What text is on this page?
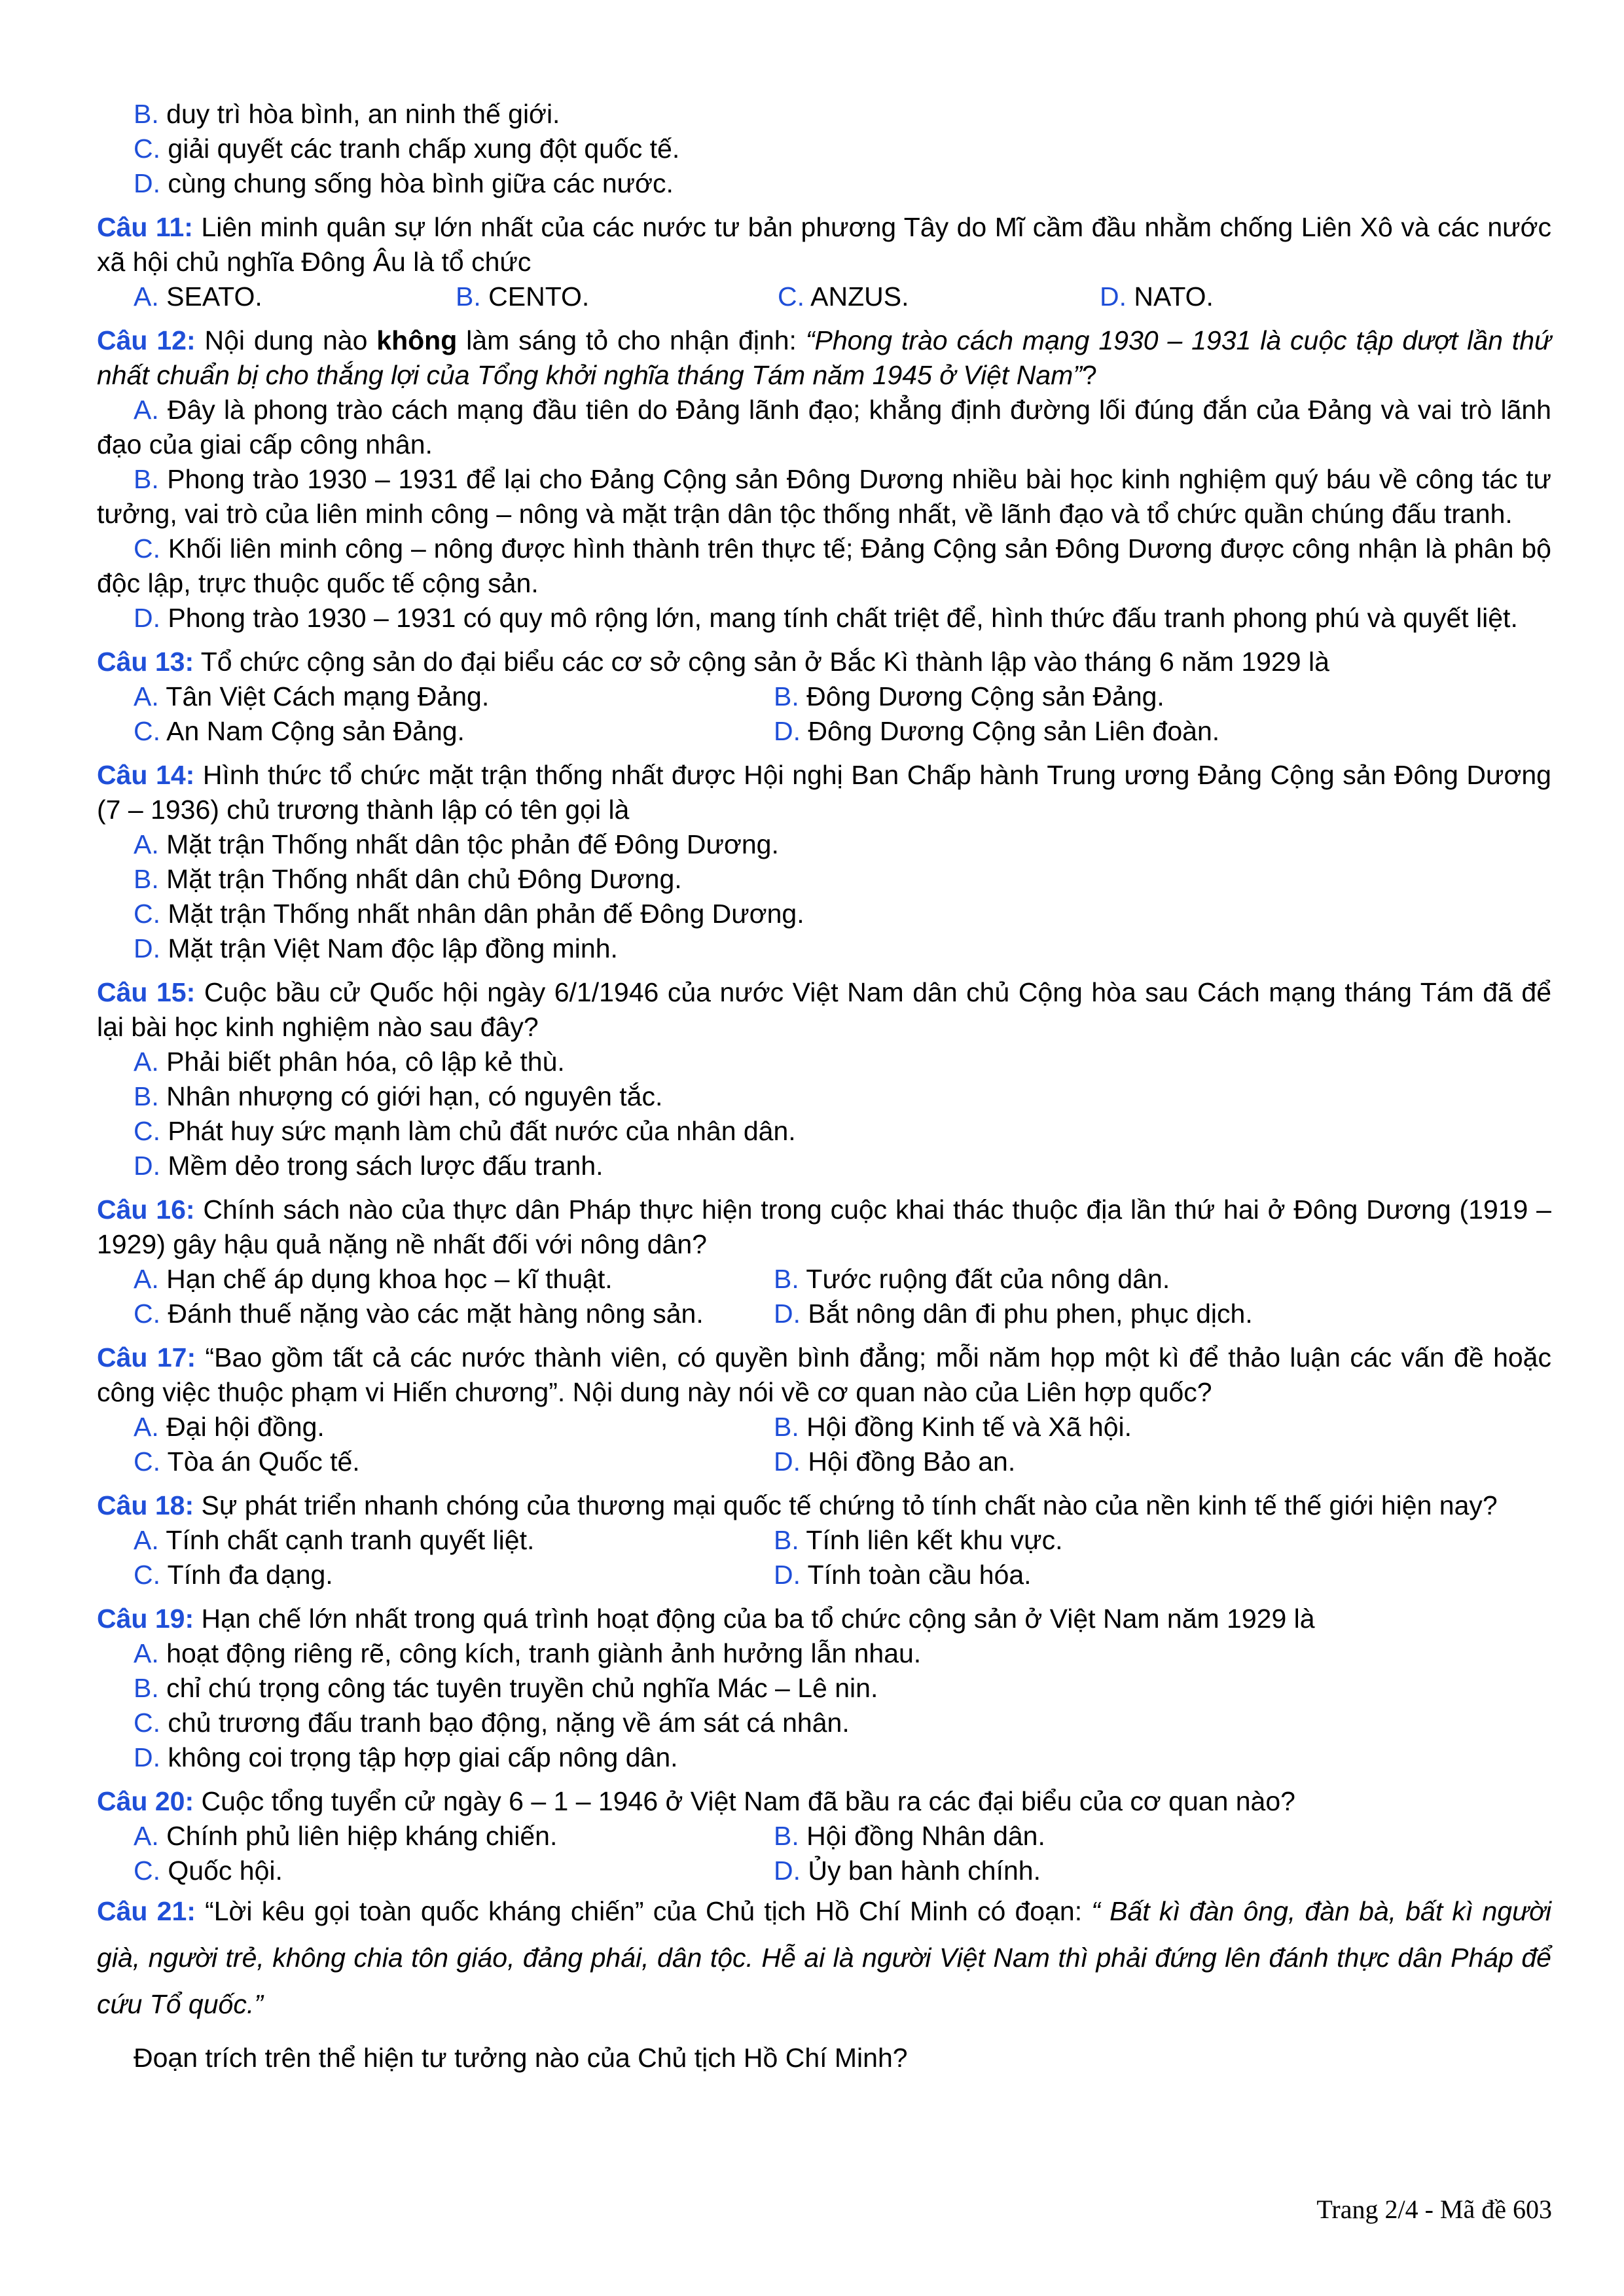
B. duy trì hòa bình, an ninh thế giới.
C. giải quyết các tranh chấp xung đột quốc tế.
D. cùng chung sống hòa bình giữa các nước.
Câu 11: Liên minh quân sự lớn nhất của các nước tư bản phương Tây do Mĩ cầm đầu nhằm chống Liên Xô và các nước xã hội chủ nghĩa Đông Âu là tổ chức
A. SEATO.	B. CENTO.	C. ANZUS.	D. NATO.
Câu 12: Nội dung nào không làm sáng tỏ cho nhận định: “Phong trào cách mạng 1930 – 1931 là cuộc tập dượt lần thứ nhất chuẩn bị cho thắng lợi của Tổng khởi nghĩa tháng Tám năm 1945 ở Việt Nam”?
A. Đây là phong trào cách mạng đầu tiên do Đảng lãnh đạo; khẳng định đường lối đúng đắn của Đảng và vai trò lãnh đạo của giai cấp công nhân.
B. Phong trào 1930 – 1931 để lại cho Đảng Cộng sản Đông Dương nhiều bài học kinh nghiệm quý báu về công tác tư tưởng, vai trò của liên minh công – nông và mặt trận dân tộc thống nhất, về lãnh đạo và tổ chức quần chúng đấu tranh.
C. Khối liên minh công – nông được hình thành trên thực tế; Đảng Cộng sản Đông Dương được công nhận là phân bộ độc lập, trực thuộc quốc tế cộng sản.
D. Phong trào 1930 – 1931 có quy mô rộng lớn, mang tính chất triệt để, hình thức đấu tranh phong phú và quyết liệt.
Câu 13: Tổ chức cộng sản do đại biểu các cơ sở cộng sản ở Bắc Kì thành lập vào tháng 6 năm 1929 là
A. Tân Việt Cách mạng Đảng.	B. Đông Dương Cộng sản Đảng.
C. An Nam Cộng sản Đảng.	D. Đông Dương Cộng sản Liên đoàn.
Câu 14: Hình thức tổ chức mặt trận thống nhất được Hội nghị Ban Chấp hành Trung ương Đảng Cộng sản Đông Dương (7 – 1936) chủ trương thành lập có tên gọi là
A. Mặt trận Thống nhất dân tộc phản đế Đông Dương.
B. Mặt trận Thống nhất dân chủ Đông Dương.
C. Mặt trận Thống nhất nhân dân phản đế Đông Dương.
D. Mặt trận Việt Nam độc lập đồng minh.
Câu 15: Cuộc bầu cử Quốc hội ngày 6/1/1946 của nước Việt Nam dân chủ Cộng hòa sau Cách mạng tháng Tám đã để lại bài học kinh nghiệm nào sau đây?
A. Phải biết phân hóa, cô lập kẻ thù.
B. Nhân nhượng có giới hạn, có nguyên tắc.
C. Phát huy sức mạnh làm chủ đất nước của nhân dân.
D. Mềm dẻo trong sách lược đấu tranh.
Câu 16: Chính sách nào của thực dân Pháp thực hiện trong cuộc khai thác thuộc địa lần thứ hai ở Đông Dương (1919 – 1929) gây hậu quả nặng nề nhất đối với nông dân?
A. Hạn chế áp dụng khoa học – kĩ thuật.	B. Tước ruộng đất của nông dân.
C. Đánh thuế nặng vào các mặt hàng nông sản.	D. Bắt nông dân đi phu phen, phục dịch.
Câu 17: “Bao gồm tất cả các nước thành viên, có quyền bình đẳng; mỗi năm họp một kì để thảo luận các vấn đề hoặc công việc thuộc phạm vi Hiến chương”. Nội dung này nói về cơ quan nào của Liên hợp quốc?
A. Đại hội đồng.	B. Hội đồng Kinh tế và Xã hội.
C. Tòa án Quốc tế.	D. Hội đồng Bảo an.
Câu 18: Sự phát triển nhanh chóng của thương mại quốc tế chứng tỏ tính chất nào của nền kinh tế thế giới hiện nay?
A. Tính chất cạnh tranh quyết liệt.	B. Tính liên kết khu vực.
C. Tính đa dạng.	D. Tính toàn cầu hóa.
Câu 19: Hạn chế lớn nhất trong quá trình hoạt động của ba tổ chức cộng sản ở Việt Nam năm 1929 là
A. hoạt động riêng rẽ, công kích, tranh giành ảnh hưởng lẫn nhau.
B. chỉ chú trọng công tác tuyên truyền chủ nghĩa Mác – Lê nin.
C. chủ trương đấu tranh bạo động, nặng về ám sát cá nhân.
D. không coi trọng tập hợp giai cấp nông dân.
Câu 20: Cuộc tổng tuyển cử ngày 6 – 1 – 1946 ở Việt Nam đã bầu ra các đại biểu của cơ quan nào?
A. Chính phủ liên hiệp kháng chiến.	B. Hội đồng Nhân dân.
C. Quốc hội.	D. Ủy ban hành chính.
Câu 21: “Lời kêu gọi toàn quốc kháng chiến” của Chủ tịch Hồ Chí Minh có đoạn: “ Bất kì đàn ông, đàn bà, bất kì người già, người trẻ, không chia tôn giáo, đảng phái, dân tộc. Hễ ai là người Việt Nam thì phải đứng lên đánh thực dân Pháp để cứu Tổ quốc.”
Đoạn trích trên thể hiện tư tưởng nào của Chủ tịch Hồ Chí Minh?
Trang 2/4 - Mã đề 603
